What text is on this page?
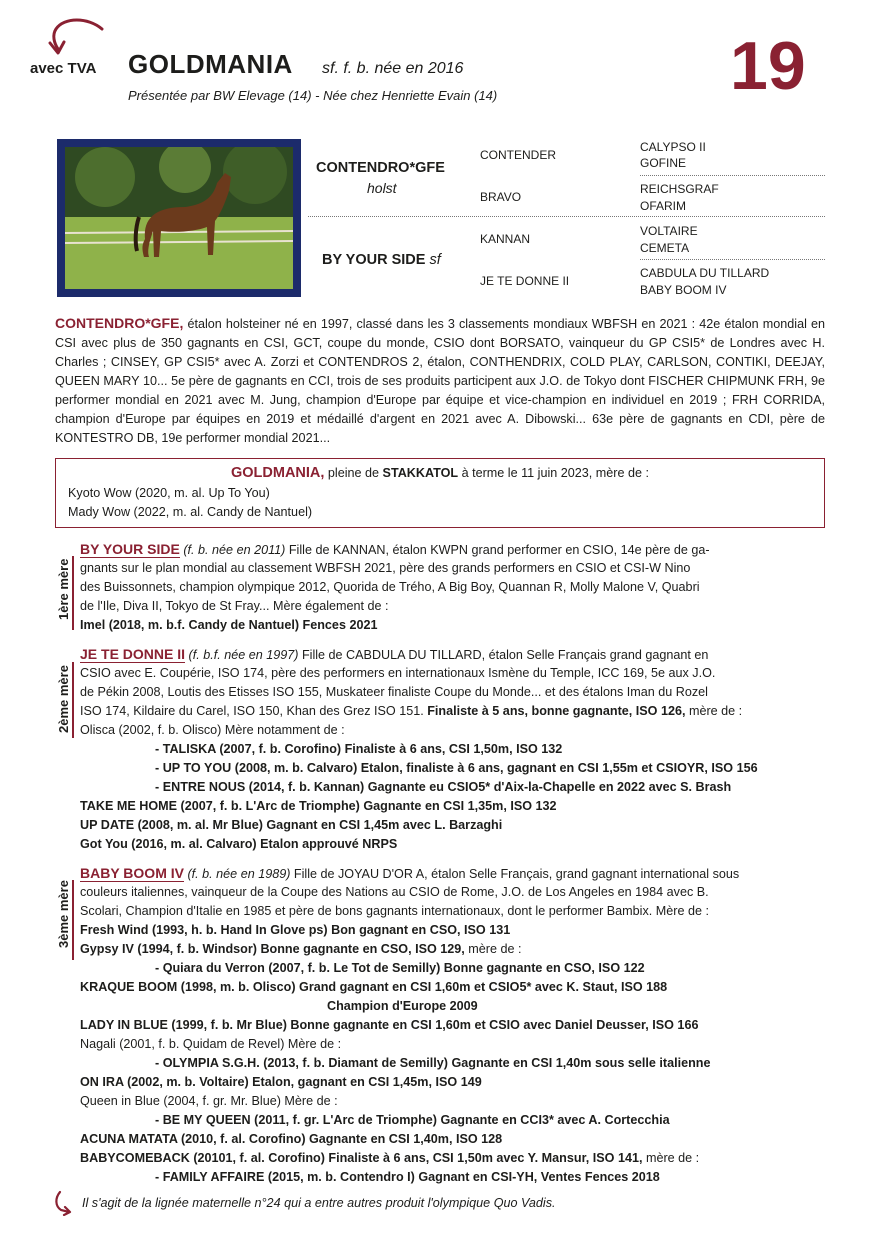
avec TVA GOLDMANIA sf. f. b. née en 2016
Présentée par BW Elevage (14) - Née chez Henriette Evain (14)	19
CONTENDRO*GFE
holst
BY YOUR SIDE sf
CONTENDER
BRAVO
KANNAN
JE TE DONNE II
CALYPSO II
GOFINE
REICHSGRAF
OFARIM
VOLTAIRE
CEMETA
CABDULA DU TILLARD
BABY BOOM IV
CONTENDRO*GFE, étalon holsteiner né en 1997, classé dans les 3 classements mondiaux WBFSH en 2021 : 42e étalon mondial en CSI avec plus de 350 gagnants en CSI, GCT, coupe du monde, CSIO dont BORSATO, vainqueur du GP CSI5* de Londres avec H. Charles ; CINSEY, GP CSI5* avec A. Zorzi et CONTENDROS 2, étalon, CONTHENDRIX, COLD PLAY, CARLSON, CONTIKI, DEEJAY, QUEEN MARY 10... 5e père de gagnants en CCI, trois de ses produits participent aux J.O. de Tokyo dont FISCHER CHIPMUNK FRH, 9e performer mondial en 2021 avec M. Jung, champion d'Europe par équipe et vice-champion en individuel en 2019 ; FRH CORRIDA, champion d'Europe par équipes en 2019 et médaillé d'argent en 2021 avec A. Dibowski... 63e père de gagnants en CDI, père de KONTESTRO DB, 19e performer mondial 2021...
GOLDMANIA, pleine de STAKKATOL à terme le 11 juin 2023, mère de :
Kyoto Wow (2020, m. al. Up To You)
Mady Wow (2022, m. al. Candy de Nantuel)
1ère mère
BY YOUR SIDE (f. b. née en 2011) Fille de KANNAN, étalon KWPN grand performer en CSIO, 14e père de ga-
gnants sur le plan mondial au classement WBFSH 2021, père des grands performers en CSIO et CSI-W Nino
des Buissonnets, champion olympique 2012, Quorida de Trého, A Big Boy, Quannan R, Molly Malone V, Quabri
de l'Ile, Diva II, Tokyo de St Fray... Mère également de :
Imel (2018, m. b.f. Candy de Nantuel) Fences 2021
2ème mère
JE TE DONNE II (f. b.f. née en 1997) Fille de CABDULA DU TILLARD, étalon Selle Français grand gagnant en
CSIO avec E. Coupérie, ISO 174, père des performers en internationaux Ismène du Temple, ICC 169, 5e aux J.O.
de Pékin 2008, Loutis des Etisses ISO 155, Muskateer finaliste Coupe du Monde... et des étalons Iman du Rozel
ISO 174, Kildaire du Carel, ISO 150, Khan des Grez ISO 151. Finaliste à 5 ans, bonne gagnante, ISO 126, mère de :
Olisca (2002, f. b. Olisco) Mère notamment de :
- TALISKA (2007, f. b. Corofino) Finaliste à 6 ans, CSI 1,50m, ISO 132
- UP TO YOU (2008, m. b. Calvaro) Etalon, finaliste à 6 ans, gagnant en CSI 1,55m et CSIOYR, ISO 156
- ENTRE NOUS (2014, f. b. Kannan) Gagnante eu CSIO5* d'Aix-la-Chapelle en 2022 avec S. Brash
TAKE ME HOME (2007, f. b. L'Arc de Triomphe) Gagnante en CSI 1,35m, ISO 132
UP DATE (2008, m. al. Mr Blue) Gagnant en CSI 1,45m avec L. Barzaghi
Got You (2016, m. al. Calvaro) Etalon approuvé NRPS
3ème mère
BABY BOOM IV (f. b. née en 1989) Fille de JOYAU D'OR A, étalon Selle Français, grand gagnant international sous
couleurs italiennes, vainqueur de la Coupe des Nations au CSIO de Rome, J.O. de Los Angeles en 1984 avec B.
Scolari, Champion d'Italie en 1985 et père de bons gagnants internationaux, dont le performer Bambix. Mère de :
Fresh Wind (1993, h. b. Hand In Glove ps) Bon gagnant en CSO, ISO 131
Gypsy IV (1994, f. b. Windsor) Bonne gagnante en CSO, ISO 129, mère de :
- Quiara du Verron (2007, f. b. Le Tot de Semilly) Bonne gagnante en CSO, ISO 122
KRAQUE BOOM (1998, m. b. Olisco) Grand gagnant en CSI 1,60m et CSIO5* avec K. Staut, ISO 188
Champion d'Europe 2009
LADY IN BLUE (1999, f. b. Mr Blue) Bonne gagnante en CSI 1,60m et CSIO avec Daniel Deusser, ISO 166
Nagali (2001, f. b. Quidam de Revel) Mère de :
- OLYMPIA S.G.H. (2013, f. b. Diamant de Semilly) Gagnante en CSI 1,40m sous selle italienne
ON IRA (2002, m. b. Voltaire) Etalon, gagnant en CSI 1,45m, ISO 149
Queen in Blue (2004, f. gr. Mr. Blue) Mère de :
- BE MY QUEEN (2011, f. gr. L'Arc de Triomphe) Gagnante en CCI3* avec A. Cortecchia
ACUNA MATATA (2010, f. al. Corofino) Gagnante en CSI 1,40m, ISO 128
BABYCOMEBACK (20101, f. al. Corofino) Finaliste à 6 ans, CSI 1,50m avec Y. Mansur, ISO 141, mère de :
- FAMILY AFFAIRE (2015, m. b. Contendro I) Gagnant en CSI-YH, Ventes Fences 2018
Il s'agit de la lignée maternelle n°24 qui a entre autres produit l'olympique Quo Vadis.
